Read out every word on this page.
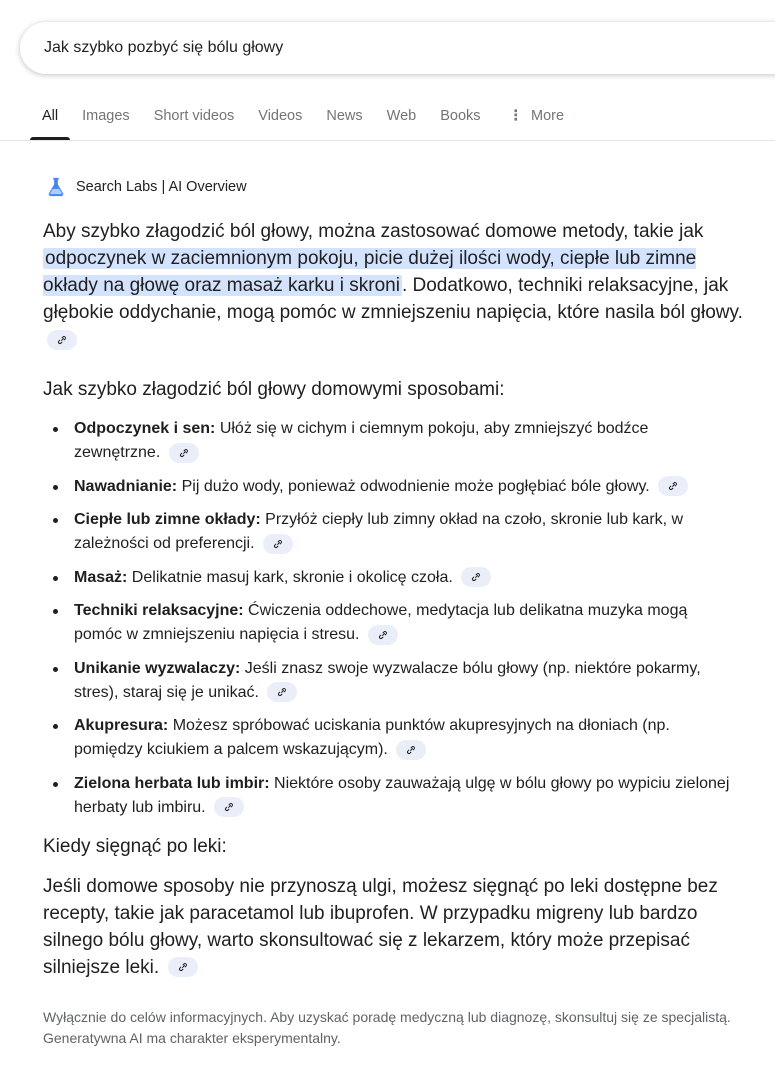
Jak szybko pozbyć się bólu głowy
All	Images	Short videos	Videos	News	Web	Books	⋮ More
Search Labs | AI Overview

Aby szybko złagodzić ból głowy, można zastosować domowe metody, takie jak odpoczynek w zaciemnionym pokoju, picie dużej ilości wody, ciepłe lub zimne okłady na głowę oraz masaż karku i skroni . Dodatkowo, techniki relaksacyjne, jak głębokie oddychanie, mogą pomóc w zmniejszeniu napięcia, które nasila ból głowy.

Jak szybko złagodzić ból głowy domowymi sposobami:

Odpoczynek i sen: Ułóż się w cichym i ciemnym pokoju, aby zmniejszyć bodźce zewnętrzne.
Nawadnianie: Pij dużo wody, ponieważ odwodnienie może pogłębiać bóle głowy.
Ciepłe lub zimne okłady: Przyłóż ciepły lub zimny okład na czoło, skronie lub kark, w zależności od preferencji.
Masaż: Delikatnie masuj kark, skronie i okolicę czoła.
Techniki relaksacyjne: Ćwiczenia oddechowe, medytacja lub delikatna muzyka mogą pomóc w zmniejszeniu napięcia i stresu.
Unikanie wyzwalaczy: Jeśli znasz swoje wyzwalacze bólu głowy (np. niektóre pokarmy, stres), staraj się je unikać.
Akupresura: Możesz spróbować uciskania punktów akupresyjnych na dłoniach (np. pomiędzy kciukiem a palcem wskazującym).
Zielona herbata lub imbir: Niektóre osoby zauważają ulgę w bólu głowy po wypiciu zielonej herbaty lub imbiru.

Kiedy sięgnąć po leki:

Jeśli domowe sposoby nie przynoszą ulgi, możesz sięgnąć po leki dostępne bez recepty, takie jak paracetamol lub ibuprofen. W przypadku migreny lub bardzo silnego bólu głowy, warto skonsultować się z lekarzem, który może przepisać silniejsze leki.

Wyłącznie do celów informacyjnych. Aby uzyskać poradę medyczną lub diagnozę, skonsultuj się ze specjalistą. Generatywna AI ma charakter eksperymentalny.
